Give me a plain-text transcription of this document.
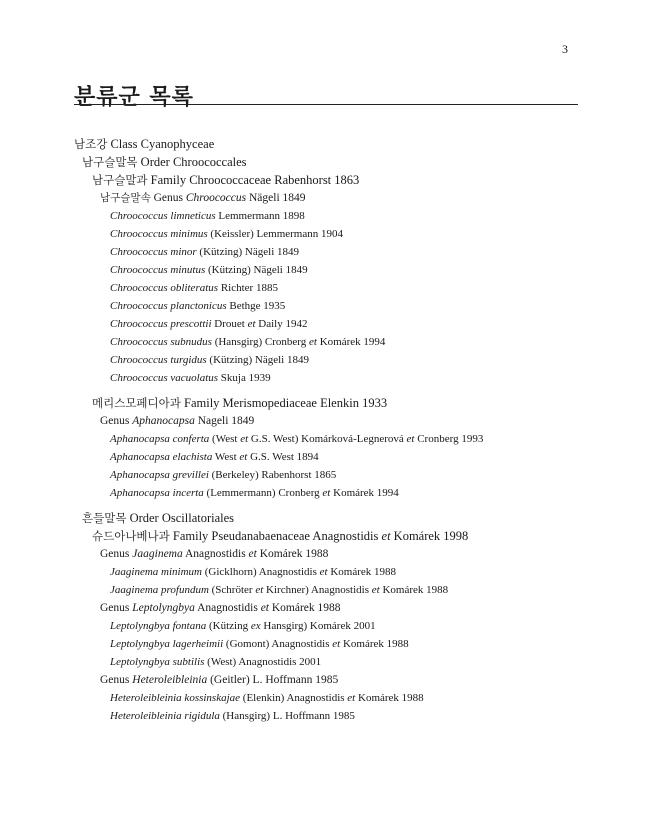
3
분류군 목록
남조강 Class Cyanophyceae
남구슬말목 Order Chroococcales
남구슬말과 Family Chroococcaceae Rabenhorst 1863
남구슬말속 Genus Chroococcus Nägeli 1849
Chroococcus limneticus Lemmermann 1898
Chroococcus minimus (Keissler) Lemmermann 1904
Chroococcus minor (Kützing) Nägeli 1849
Chroococcus minutus (Kützing) Nägeli 1849
Chroococcus obliteratus Richter 1885
Chroococcus planctonicus Bethge 1935
Chroococcus prescottii Drouet et Daily 1942
Chroococcus subnudus (Hansgirg) Cronberg et Komárek 1994
Chroococcus turgidus (Kützing) Nägeli 1849
Chroococcus vacuolatus Skuja 1939
메리스모페디아과 Family Merismopediaceae Elenkin 1933
Genus Aphanocapsa Nageli 1849
Aphanocapsa conferta (West et G.S. West) Komárková-Legnerová et Cronberg 1993
Aphanocapsa elachista West et G.S. West 1894
Aphanocapsa grevillei (Berkeley) Rabenhorst 1865
Aphanocapsa incerta (Lemmermann) Cronberg et Komárek 1994
흔들말목 Order Oscillatoriales
슈드아나베나과 Family Pseudanabaenaceae Anagnostidis et Komárek 1998
Genus Jaaginema Anagnostidis et Komárek 1988
Jaaginema minimum (Gicklhorn) Anagnostidis et Komárek 1988
Jaaginema profundum (Schröter et Kirchner) Anagnostidis et Komárek 1988
Genus Leptolyngbya Anagnostidis et Komárek 1988
Leptolyngbya fontana (Kützing ex Hansgirg) Komárek 2001
Leptolyngbya lagerheimii (Gomont) Anagnostidis et Komárek 1988
Leptolyngbya subtilis (West) Anagnostidis 2001
Genus Heteroleibleinia (Geitler) L. Hoffmann 1985
Heteroleibleinia kossinskajae (Elenkin) Anagnostidis et Komárek 1988
Heteroleibleinia rigidula (Hansgirg) L. Hoffmann 1985
